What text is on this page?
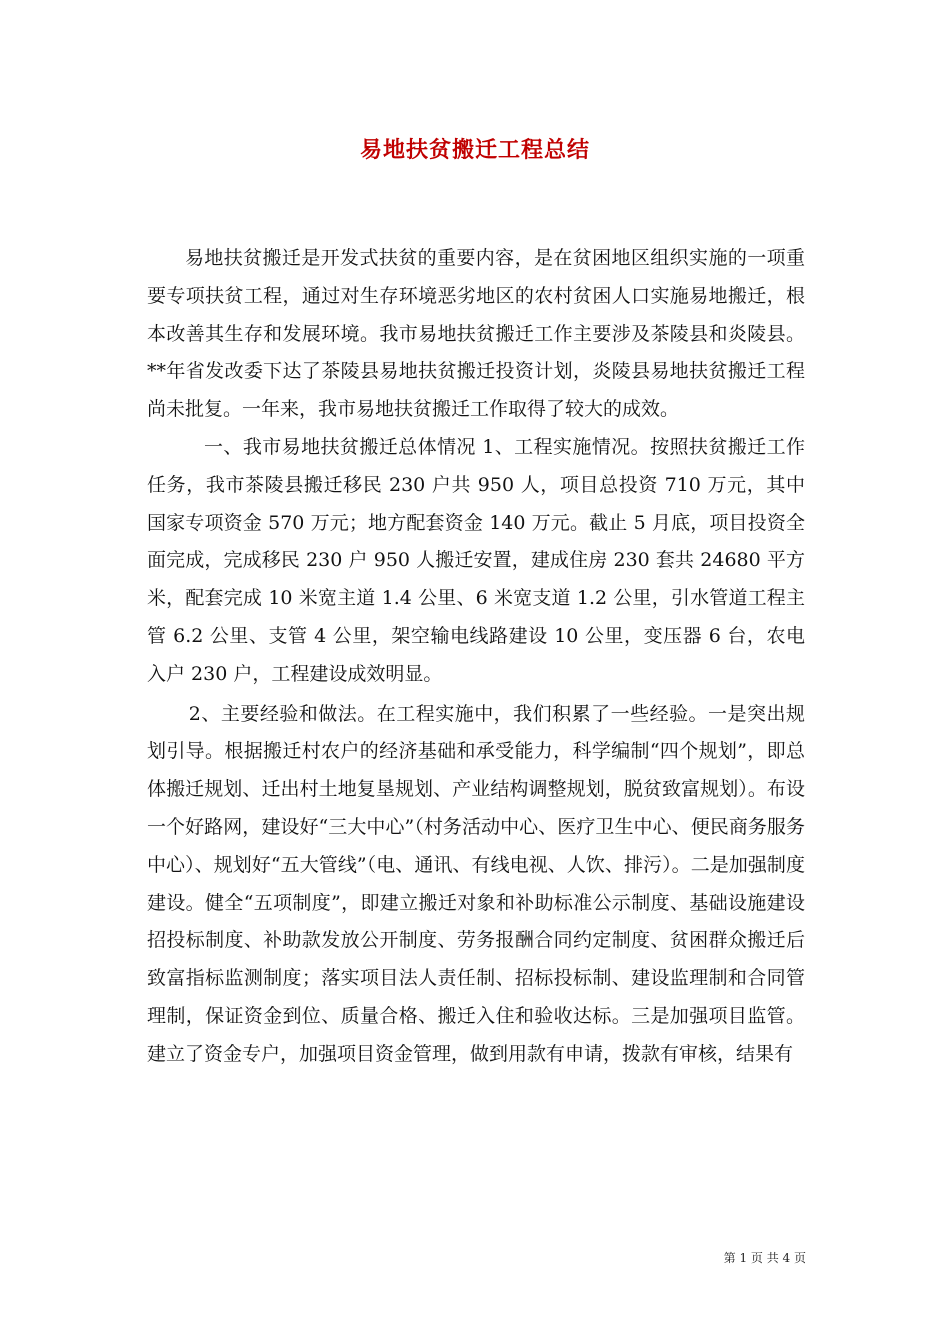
易地扶贫搬迁工程总结

易地扶贫搬迁是开发式扶贫的重要内容，是在贫困地区组织实施的一项重要专项扶贫工程，通过对生存环境恶劣地区的农村贫困人口实施易地搬迁，根本改善其生存和发展环境。我市易地扶贫搬迁工作主要涉及茶陵县和炎陵县。**年省发改委下达了茶陵县易地扶贫搬迁投资计划，炎陵县易地扶贫搬迁工程尚未批复。一年来，我市易地扶贫搬迁工作取得了较大的成效。

一、我市易地扶贫搬迁总体情况 1、工程实施情况。按照扶贫搬迁工作任务，我市茶陵县搬迁移民 230 户共 950 人，项目总投资 710 万元，其中国家专项资金 570 万元；地方配套资金 140 万元。截止 5 月底，项目投资全面完成，完成移民 230 户 950 人搬迁安置，建成住房 230 套共 24680 平方米，配套完成 10 米宽主道 1.4 公里、6 米宽支道 1.2 公里，引水管道工程主管 6.2 公里、支管 4 公里，架空输电线路建设 10 公里，变压器 6 台，农电入户 230 户，工程建设成效明显。

2、主要经验和做法。在工程实施中，我们积累了一些经验。一是突出规划引导。根据搬迁村农户的经济基础和承受能力，科学编制“四个规划”，即总体搬迁规划、迁出村土地复垦规划、产业结构调整规划，脱贫致富规划）。布设一个好路网，建设好“三大中心”（村务活动中心、医疗卫生中心、便民商务服务中心）、规划好“五大管线”（电、通讯、有线电视、人饮、排污）。二是加强制度建设。健全“五项制度”，即建立搬迁对象和补助标准公示制度、基础设施建设招投标制度、补助款发放公开制度、劳务报酬合同约定制度、贫困群众搬迁后致富指标监测制度；落实项目法人责任制、招标投标制、建设监理制和合同管理制，保证资金到位、质量合格、搬迁入住和验收达标。三是加强项目监管。建立了资金专户，加强项目资金管理，做到用款有申请，拨款有审核，结果有

第 1 页 共 4 页
